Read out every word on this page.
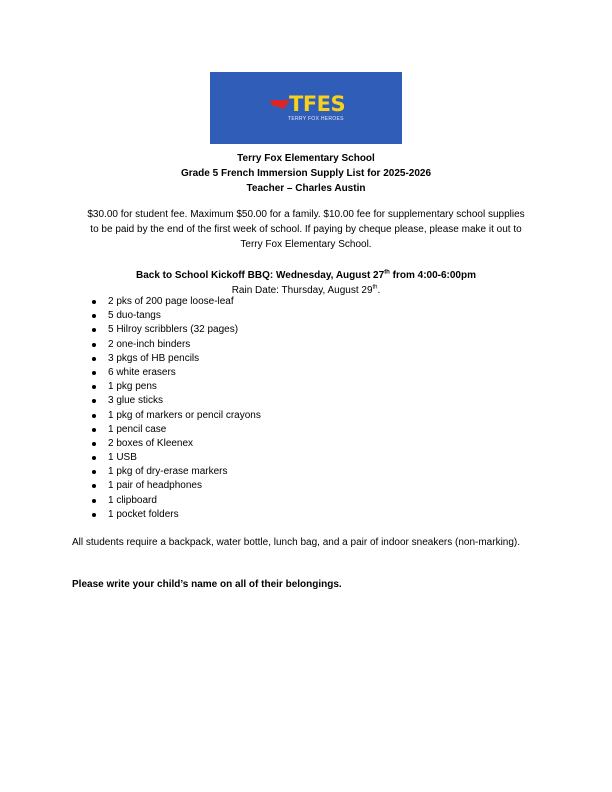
TFES
TERRY FOX HEROES
Terry Fox Elementary School
Grade 5 French Immersion Supply List for 2025-2026
Teacher – Charles Austin
$30.00 for student fee. Maximum $50.00 for a family. $10.00 fee for supplementary school supplies
to be paid by the end of the first week of school. If paying by cheque please, please make it out to
Terry Fox Elementary School.
Back to School Kickoff BBQ: Wednesday, August 27th from 4:00-6:00pm
Rain Date: Thursday, August 29th.
2 pks of 200 page loose-leaf
5 duo-tangs
5 Hilroy scribblers (32 pages)
2 one-inch binders
3 pkgs of HB pencils
6 white erasers
1 pkg pens
3 glue sticks
1 pkg of markers or pencil crayons
1 pencil case
2 boxes of Kleenex
1 USB
1 pkg of dry-erase markers
1 pair of headphones
1 clipboard
1 pocket folders
All students require a backpack, water bottle, lunch bag, and a pair of indoor sneakers (non-marking).
Please write your child’s name on all of their belongings.
